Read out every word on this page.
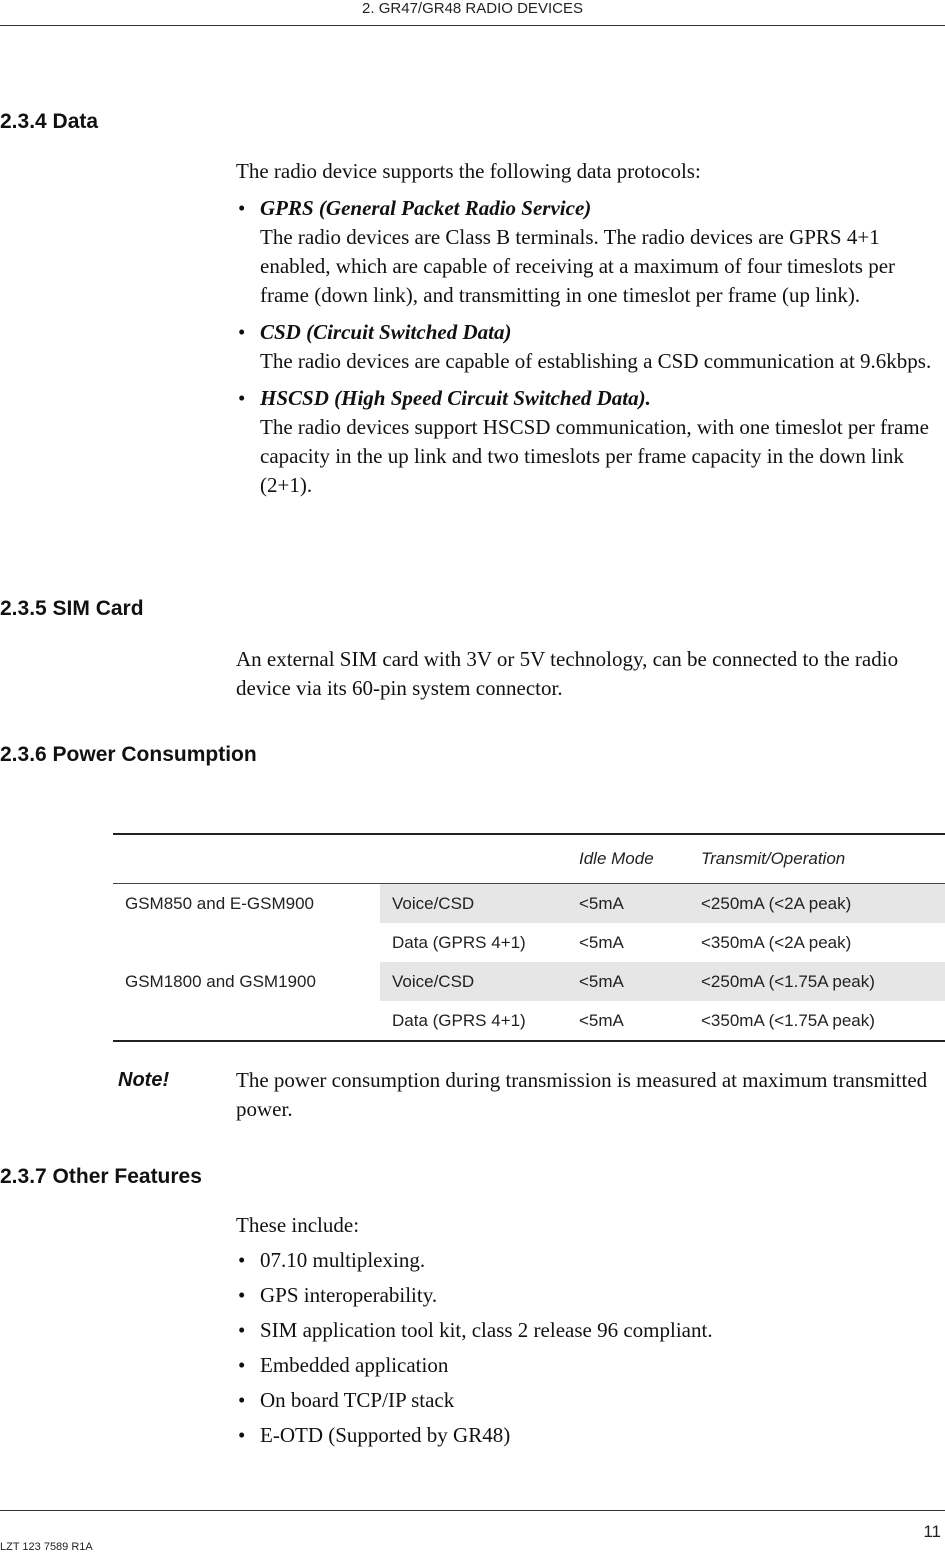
2. GR47/GR48 RADIO DEVICES
2.3.4 Data
The radio device supports the following data protocols:
• GPRS (General Packet Radio Service)
The radio devices are Class B terminals. The radio devices are GPRS 4+1 enabled, which are capable of receiving at a maximum of four timeslots per frame (down link), and transmitting in one timeslot per frame (up link).
• CSD (Circuit Switched Data)
The radio devices are capable of establishing a CSD communication at 9.6kbps.
• HSCSD (High Speed Circuit Switched Data).
The radio devices support HSCSD communication, with one timeslot per frame capacity in the up link and two timeslots per frame capacity in the down link (2+1).
2.3.5 SIM Card
An external SIM card with 3V or 5V technology, can be connected to the radio device via its 60-pin system connector.
2.3.6 Power Consumption
		Idle Mode	Transmit/Operation
GSM850 and E-GSM900	Voice/CSD	<5mA	<250mA (<2A peak)
	Data (GPRS 4+1)	<5mA	<350mA (<2A peak)
GSM1800 and GSM1900	Voice/CSD	<5mA	<250mA (<1.75A peak)
	Data (GPRS 4+1)	<5mA	<350mA (<1.75A peak)
Note!	The power consumption during transmission is measured at maximum transmitted power.
2.3.7 Other Features
These include:
• 07.10 multiplexing.
• GPS interoperability.
• SIM application tool kit, class 2 release 96 compliant.
• Embedded application
• On board TCP/IP stack
• E-OTD (Supported by GR48)
11
LZT 123 7589 R1A
